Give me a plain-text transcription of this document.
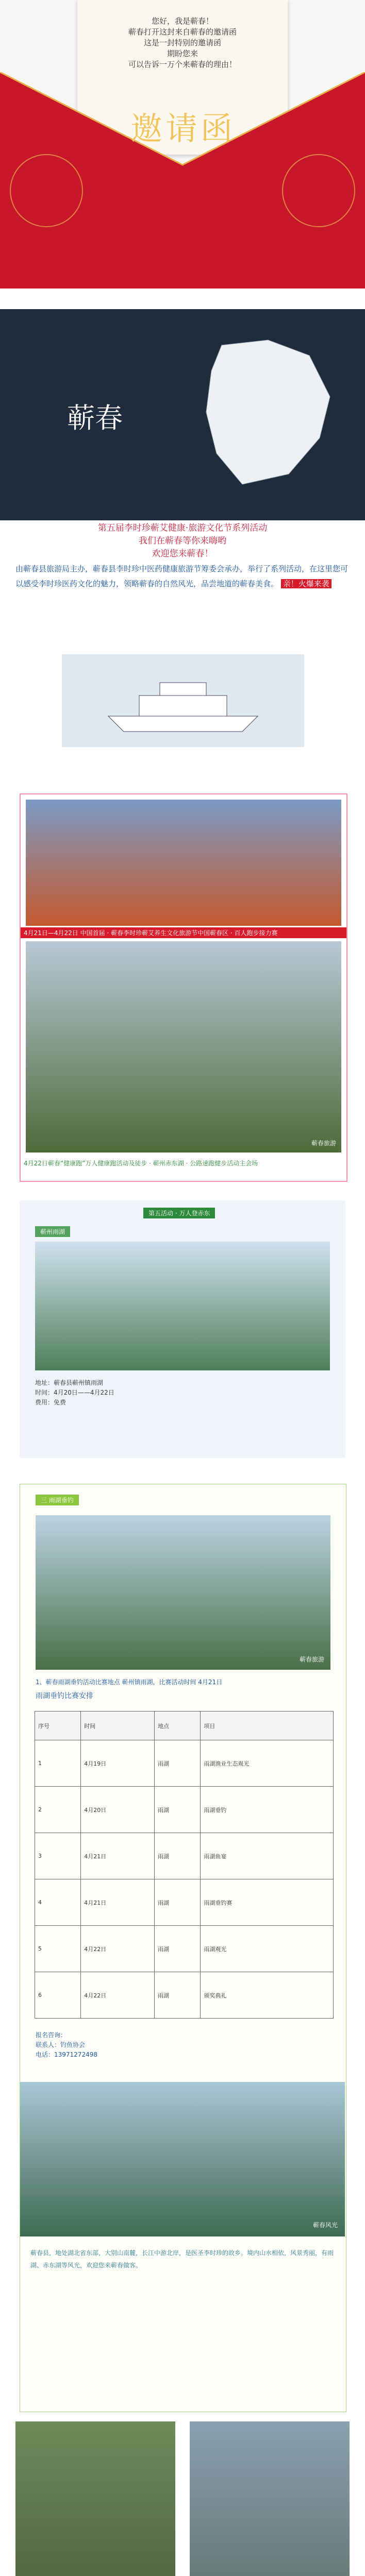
您好，我是蕲春！

蕲春打开这封来自蕲春的邀请函

这是一封特别的邀请函

期盼您来

可以告诉一万个来蕲春的理由！

邀请函
蕲春
第五届李时珍蕲艾健康·旅游文化节系列活动
我们在蕲春等你来嗨哟
欢迎您来蕲春！
由蕲春县旅游局主办，蕲春县李时珍中医药健康旅游节筹委会承办，举行了系列活动，在这里您可以感受李时珍医药文化的魅力，领略蕲春的自然风光，品尝地道的蕲春美食。 亲！火爆来袭
4月21日—4月22日 中国首届 · 蕲春李时珍蕲艾养生文化旅游节中国蕲春区 · 百人跑步接力赛
蕲春旅游
4月22日蕲春“健康跑”万人健康跑活动及徒步 · 蕲州赤东湖 · 公路速跑健步活动主会场
第五活动 · 万人登赤东
蕲州雨湖
地址：蕲春县蕲州镇雨湖
时间：4月20日——4月22日
费用：免费
三 雨湖垂钓
蕲春旅游
1、蕲春雨湖垂钓活动比赛地点 蕲州镇雨湖，比赛活动时间 4月21日
雨湖垂钓比赛安排
序号	时间	地点	项目
1	4月19日	雨湖	雨湖渔业生态观光
2	4月20日	雨湖	雨湖垂钓
3	4月21日	雨湖	雨湖鱼宴
4	4月21日	雨湖	雨湖垂钓赛
5	4月22日	雨湖	雨湖观光
6	4月22日	雨湖	颁奖典礼
报名咨询：
联系人：钓鱼协会
电话：13971272498
蕲春风光
蕲春县，地处湖北省东部，大别山南麓，长江中游北岸，是医圣李时珍的故乡。境内山水相依，风景秀丽，有雨湖、赤东湖等风光，欢迎您来蕲春做客。
